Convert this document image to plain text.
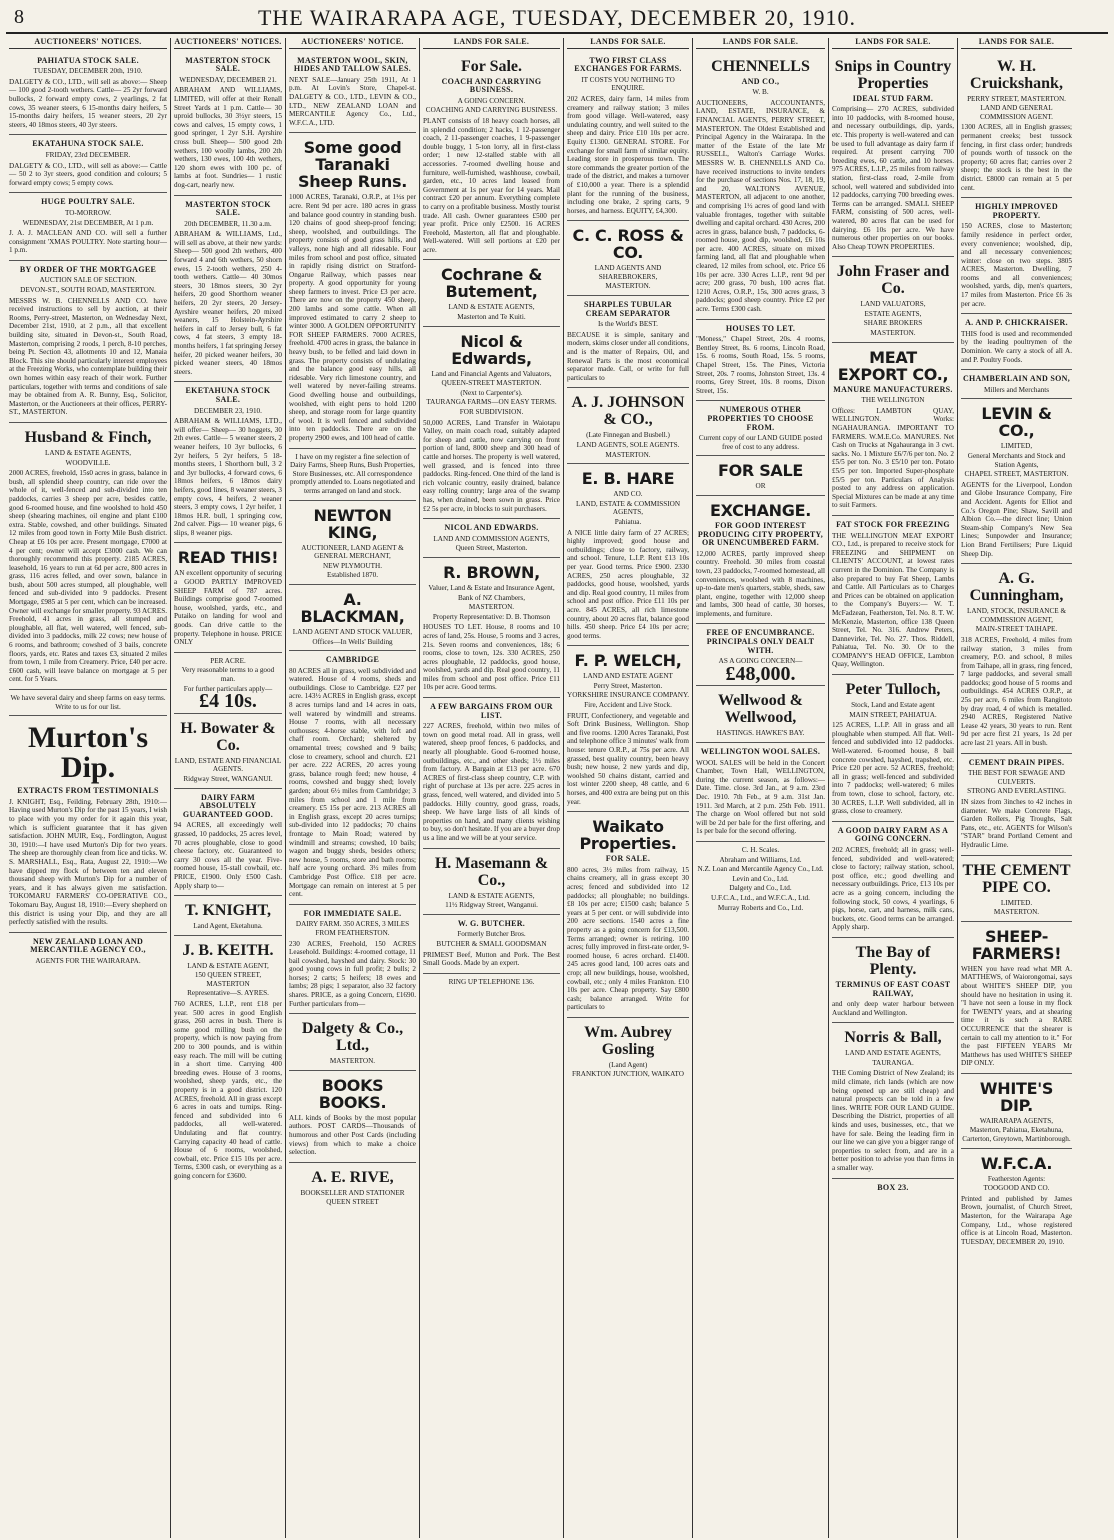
8	THE WAIRARAPA AGE, TUESDAY, DECEMBER 20, 1910.
AUCTIONEERS' NOTICES.
PAHIATUA STOCK SALE.
TUESDAY, DECEMBER 20th, 1910.
DALGETY & CO., LTD., will sell as above:— Sheep— 100 good 2-tooth wethers. Cattle— 25 2yr forward bullocks, 2 forward empty cows, 2 yearlings, 2 fat cows, 35 weaner steers, 6 15-months dairy heifers, 5 15-months dairy heifers, 15 weaner steers, 20 2yr steers, 40 18mos steers, 40 3yr steers.
EKATAHUNA STOCK SALE.
FRIDAY, 23rd DECEMBER.
DALGETY & CO., LTD., will sell as above:— Cattle— 50 2 to 3yr steers, good condition and colours; 5 forward empty cows; 5 empty cows.
HUGE POULTRY SALE.
TO-MORROW.
WEDNESDAY, 21st DECEMBER, At 1 p.m.
J. A. J. MACLEAN AND CO. will sell a further consignment 'XMAS POULTRY. Note starting hour—1 p.m.
BY ORDER OF THE MORTGAGEE
AUCTION SALE OF SECTION.
DEVON-ST., SOUTH ROAD, MASTERTON.
MESSRS W. B. CHENNELLS AND CO. have received instructions to sell by auction, at their Rooms, Perry-street, Masterton, on Wednesday Next, December 21st, 1910, at 2 p.m., all that excellent building site, situated in Devon-st., South Road, Masterton, comprising 2 roods, 1 perch, 8-10 perches, being Pt. Section 43, allotments 10 and 12, Manaia Block. This site should particularly interest employees at the Freezing Works, who contemplate building their own homes within easy reach of their work. Further particulars, together with terms and conditions of sale may be obtained from A. R. Bunny, Esq., Solicitor, Masterton, or the Auctioneers at their offices, PERRY-ST., MASTERTON.
Husband & Finch,
LAND & ESTATE AGENTS,
WOODVILLE.
2000 ACRES, freehold, 15s0 acres in grass, balance in bush, all splendid sheep country, can ride over the whole of it, well-fenced and sub-divided into ten paddocks, carries 3 sheep per acre, besides cattle, good 6-roomed house, and fine woolshed to hold 450 sheep (shearing machines, oil engine and plant £100 extra. Stable, cowshed, and other buildings. Situated 12 miles from good town in Forty Mile Bush district. Cheap at £6 10s per acre. Present mortgage, £7000 at 4 per cent; owner will accept £3000 cash. We can thoroughly recommend this property. 2185 ACRES, leasehold, 16 years to run at 6d per acre, 800 acres in grass, 116 acres felled, and over sown, balance in bush, about 500 acres stumped, all ploughable, well fenced and sub-divided into 9 paddocks. Present Mortgage, £985 at 5 per cent, which can be increased. Owner will exchange for smaller property. 93 ACRES. Freehold, 41 acres in grass, all stumped and ploughable, all flat, well watered, well fenced, sub-divided into 3 paddocks, milk 22 cows; new house of 6 rooms, and bathroom; cowshed of 3 bails, concrete floors, yards, etc. Rates and taxes £3, situated 2 miles from town, 1 mile from Creamery. Price, £40 per acre. £600 cash, will leave balance on mortgage at 5 per cent. for 5 Years.
We have several dairy and sheep farms on easy terms. Write to us for our list.
Murton's Dip.
EXTRACTS FROM TESTIMONIALS
J. KNIGHT, Esq., Feilding, February 28th, 1910:—Having used Murton's Dip for the past 15 years, I wish to place with you my order for it again this year, which is sufficient guarantee that it has given satisfaction. JOHN MUIR, Esq., Fordlington, August 30, 1910:—I have used Murton's Dip for two years. The sheep are thoroughly clean from lice and ticks. W. S. MARSHALL, Esq., Rata, August 22, 1910:—We have dipped my flock of between ten and eleven thousand sheep with Murton's Dip for a number of years, and it has always given me satisfaction. TOKOMARU FARMERS' CO-OPERATIVE CO., Tokomaru Bay, August 18, 1910:—Every shepherd on this district is using your Dip, and they are all perfectly satisfied with the results.
NEW ZEALAND LOAN AND MERCANTILE AGENCY CO.,
AGENTS FOR THE WAIRARAPA.
AUCTIONEERS' NOTICES.
MASTERTON STOCK SALE.
WEDNESDAY, DECEMBER 21.
ABRAHAM AND WILLIAMS, LIMITED, will offer at their Renall Street Yards at 1 p.m. Cattle— 30 uproid bullocks, 30 3½yr steers, 15 cows and calves, 15 empty cows, 1 good springer, 1 2yr S.H. Ayrshire cross bull. Sheep— 500 good 2th wethers, 100 woolly lambs, 200 2th wethers, 130 ewes, 100 4th wethers, 120 shorn ewes with 100 pc. of lambs at foot. Sundries— 1 rustic dog-cart, nearly new.
MASTERTON STOCK SALE.
20th DECEMBER, 11.30 a.m.
ABRAHAM & WILLIAMS, Ltd., will sell as above, at their new yards: Sheep— 500 good 2th wethers, 400 forward 4 and 6th wethers, 50 shorn ewes, 15 2-tooth wethers, 250 4-tooth wethers. Cattle— 40 30mos steers, 30 18mos steers, 30 2yr heifers, 20 good Shorthorn weaner heifers, 20 2yr steers, 20 Jersey-Ayrshire weaner heifers, 20 mixed weaners, 15 Holstein-Ayrshire heifers in calf to Jersey bull, 6 fat cows, 4 fat steers, 3 empty 18-months heifers, 1 fat springing Jersey heifer, 20 picked weaner heifers, 30 picked weaner steers, 40 18mos steers.
EKETAHUNA STOCK SALE.
DECEMBER 23, 1910.
ABRAHAM & WILLIAMS, LTD., will offer— Sheep— 30 hoggets, 30 2th ewes. Cattle— 5 weaner steers, 2 weaner heifers, 10 3yr bullocks, 6 2yr heifers, 5 2yr heifers, 5 18-months steers, 1 Shorthorn bull, 3 2 and 3yr bullocks, 4 forward cows, 6 18mos heifers, 6 18mos dairy heifers, good lines, 8 weaner steers, 3 empty cows, 4 heifers, 2 weaner steers, 3 empty cows, 1 2yr heifer, 1 18mos H.R. bull, 1 springing cow, 2nd calver. Pigs— 10 weaner pigs, 6 slips, 8 weaner pigs.
READ THIS!
AN excellent opportunity of securing a GOOD PARTLY IMPROVED SHEEP FARM of 787 acres. Buildings comprise good 7-roomed house, woolshed, yards, etc., and Putaiko on landing for wool and goods. Can drive cattle to the property. Telephone in house. PRICE ONLY
PER ACRE.
Very reasonable terms to a good man.
For further particulars apply—
£4 10s.
H. Bowater & Co.
LAND, ESTATE AND FINANCIAL AGENTS.
Ridgway Street, WANGANUI.
DAIRY FARM ABSOLUTELY GUARANTEED GOOD.
94 ACRES, all exceedingly well grassed, 10 paddocks, 25 acres level, 70 acres ploughable, close to good cheese factory, etc. Guaranteed to carry 30 cows all the year. Five-roomed house, 15-stall cowbail, etc. PRICE, £1900. Only £500 Cash. Apply sharp to—
T. KNIGHT,
Land Agent, Eketahuna.
J. B. KEITH.
LAND & ESTATE AGENT,
150 QUEEN STREET, MASTERTON
Representative—S. AYRES.
760 ACRES, L.I.P., rent £18 per year. 500 acres in good English grass, 260 acres in bush. There is some good milling bush on the property, which is now paying from 200 to 300 pounds, and is within easy reach. The mill will be cutting in a short time. Carrying 400 breeding ewes. House of 3 rooms, woolshed, sheep yards, etc., the property is in a good district. 120 ACRES, freehold. All in grass except 6 acres in oats and turnips. Ring-fenced and subdivided into 6 paddocks, all well-watered. Undulating and flat country. Carrying capacity 40 head of cattle. House of 6 rooms, woolshed, cowbail, etc. Price £15 10s per acre. Terms, £300 cash, or everything as a going concern for £3600.
AUCTIONEERS' NOTICE.
MASTERTON WOOL, SKIN, HIDES AND TALLOW SALES.
NEXT SALE—January 25th 1911, At 1 p.m. At Lovin's Store, Chapel-st. DALGETY & CO., LTD., LEVIN & CO., LTD., NEW ZEALAND LOAN and MERCANTILE Agency Co., Ltd., W.F.C.A., LTD.
Some good Taranaki Sheep Runs.
1000 ACRES, Taranaki, O.R.P., at 1½s per acre. Rent 9d per acre. 180 acres in grass and balance good country in standing bush. 120 chains of good sheep-proof fencing; sheep, woolshed, and outbuildings. The property consists of good grass hills, and valleys, none high and all ridesable. Four miles from school and post office, situated in rapidly rising district on Stratford-Ongarue Railway, which passes near property. A good opportunity for young sheep farmers to invest. Price £3 per acre. There are now on the property 450 sheep, 200 lambs and some cattle. When all improved estimated to carry 2 sheep to winter 3000. A GOLDEN OPPORTUNITY FOR SHEEP FARMERS. 7000 ACRES, freehold. 4700 acres in grass, the balance in heavy bush, to be felled and laid down in grass. The property consists of undulating and the balance good easy hills, all ridesable. Very rich limestone country, and well watered by never-failing streams. Good dwelling house and outbuildings, woolshed, with eight pens to hold 1200 sheep, and storage room for large quantity of wool. It is well fenced and subdivided into ten paddocks. There are on the property 2900 ewes, and 100 head of cattle.
I have on my register a fine selection of Dairy Farms, Sheep Runs, Bush Properties, Store Businesses, etc. All correspondence promptly attended to. Loans negotiated and terms arranged on land and stock.
NEWTON KING,
AUCTIONEER, LAND AGENT & GENERAL MERCHANT,
NEW PLYMOUTH.
Established 1870.
A. BLACKMAN,
LAND AGENT AND STOCK VALUER,
Offices—In Wells' Building
CAMBRIDGE
80 ACRES all in grass, well subdivided and watered. House of 4 rooms, sheds and outbuildings. Close to Cambridge. £27 per acre. 143½ ACRES in English grass, except 8 acres turnips land and 14 acres in oats, well watered by windmill and streams. House 7 rooms, with all necessary outhouses; 4-horse stable, with loft and chaff room. Orchard; sheltered by ornamental trees; cowshed and 9 bails; close to creamery, school and church. £21 per acre. 222 ACRES, 20 acres young grass, balance rough feed; new house, 4 rooms, cowshed and buggy shed; lovely garden; about 6½ miles from Cambridge; 3 miles from school and 1 mile from creamery. £5 15s per acre. 213 ACRES all in English grass, except 20 acres turnips; sub-divided into 12 paddocks; 70 chains frontage to Main Road; watered by windmill and streams; cowshed, 10 bails; wagon and buggy sheds, besides others; new house, 5 rooms, store and bath rooms; half acre young orchard. 3½ miles from Cambridge Post Office. £18 per acre. Mortgage can remain on interest at 5 per cent.
FOR IMMEDIATE SALE.
DAIRY FARM. 350 ACRES, 3 MILES FROM FEATHERSTON.
230 ACRES, Freehold, 150 ACRES Leasehold. Buildings: 4-roomed cottage, 11 bail cowshed, hayshed and dairy. Stock: 30 good young cows in full profit; 2 bulls; 2 horses; 2 carts; 5 heifers; 18 ewes and lambs; 28 pigs; 1 separator, also 32 factory shares. PRICE, as a going Concern, £1690. Further particulars from—
Dalgety & Co., Ltd.,
MASTERTON.
BOOKS BOOKS.
ALL kinds of Books by the most popular authors. POST CARDS—Thousands of humorous and other Post Cards (including views) from which to make a choice selection.
A. E. RIVE,
BOOKSELLER AND STATIONER
QUEEN STREET
LANDS FOR SALE.
For Sale.
COACH AND CARRYING BUSINESS.
A GOING CONCERN.
COACHING AND CARRYING BUSINESS.
PLANT consists of 18 heavy coach horses, all in splendid condition; 2 hacks, 1 12-passenger coach, 2 11-passenger coaches, 1 9-passenger double buggy, 1 5-ton lorry, all in first-class order; 1 new 12-stalled stable with all accessories. 7-roomed dwelling house and furniture, well-furnished, washhouse, cowbail, garden, etc., 10 acres land leased from Government at 1s per year for 14 years. Mail contract £20 per annum. Everything complete to carry on a profitable business. Mostly tourist trade. All cash. Owner guarantees £500 per year profit. Price only £2500. 16 ACRES Freehold, Masterton, all flat and ploughable. Well-watered. Will sell portions at £20 per acre.
Cochrane & Butement,
LAND & ESTATE AGENTS,
Masterton and Te Kuiti.
Nicol & Edwards,
Land and Financial Agents and Valuators,
QUEEN-STREET MASTERTON.
(Next to Carpenter's).
TAURANGA FARMS—ON EASY TERMS.
FOR SUBDIVISION.
50,000 ACRES, Land Transfer in Waiotapu Valley, on main coach road, suitably adapted for sheep and cattle, now carrying on front portion of land, 8000 sheep and 300 head of cattle and horses. The property is well watered, well grassed, and is fenced into three paddocks. Ring-fenced. One third of the land is rich volcanic country, easily drained, balance easy rolling country; large area of the swamp has, when drained, been sown in grass. Price £2 5s per acre, in blocks to suit purchasers.
NICOL AND EDWARDS.
LAND AND COMMISSION AGENTS,
Queen Street, Masterton.
R. BROWN,
Valuer, Land & Estate and Insurance Agent,
Bank of NZ Chambers,
MASTERTON.
Property Representative: D. B. Thomson
HOUSES TO LET. House, 8 rooms and 10 acres of land, 25s. House, 5 rooms and 3 acres, 21s. Seven rooms and conveniences, 18s; 6 rooms, close to town, 12s. 330 ACRES, 250 acres ploughable, 12 paddocks, good house, woolshed, yards and dip. Real good country, 11 miles from school and post office. Price £11 10s per acre. Good terms.
A FEW BARGAINS FROM OUR LIST.
227 ACRES, freehold, within two miles of town on good metal road. All in grass, well watered, sheep proof fences, 6 paddocks, and nearly all ploughable. Good 6-roomed house, outbuildings, etc., and other sheds; 1½ miles from factory. A Bargain at £13 per acre. 670 ACRES of first-class sheep country, C.P. with right of purchase at 13s per acre. 225 acres in grass, fenced, well watered, and divided into 5 paddocks. Hilly country, good grass, roads, sheep. We have large lists of all kinds of properties on hand, and many clients wishing to buy, so don't hesitate. If you are a buyer drop us a line and we will be at your service.
H. Masemann & Co.,
LAND & ESTATE AGENTS,
11½ Ridgway Street, Wanganui.
W. G. BUTCHER.
Formerly Butcher Bros.
BUTCHER & SMALL GOODSMAN
PRIMEST Beef, Mutton and Pork. The Best Small Goods. Made by an expert.
RING UP TELEPHONE 136.
LANDS FOR SALE.
TWO FIRST CLASS EXCHANGES FOR FARMS.
IT COSTS YOU NOTHING TO ENQUIRE.
202 ACRES, dairy farm, 14 miles from creamery and railway station; 3 miles from good village. Well-watered, easy undulating country, and well suited to the sheep and dairy. Price £10 10s per acre. Equity £1300. GENERAL STORE. For exchange for small farm of similar equity. Leading store in prosperous town. The store commands the greater portion of the trade of the district, and makes a turnover of £10,000 a year. There is a splendid plant for the running of the business, including one brake, 2 spring carts, 9 horses, and harness. EQUITY, £4,300.
C. C. ROSS & CO.
LAND AGENTS AND SHAREBROKERS,
MASTERTON.
SHARPLES TUBULAR CREAM SEPARATOR
Is the World's BEST.
BECAUSE it is simple, sanitary and modern, skims closer under all conditions, and is the matter of Repairs, Oil, and Renewal Parts is the most economical separator made. Call, or write for full particulars to
A. J. JOHNSON & CO.,
(Late Finnegan and Busbell.)
LAND AGENTS, SOLE AGENTS.
MASTERTON.
E. B. HARE
AND CO.
LAND, ESTATE & COMMISSION AGENTS,
Pahiatua.
A NICE little dairy farm of 27 ACRES; highly improved; good house and outbuildings; close to factory, railway, and school. Tenure, L.I.P. Rent £13 10s per year. Good terms. Price £900. 2330 ACRES, 250 acres ploughable, 32 paddocks, good house, woolshed, yards and dip. Real good country, 11 miles from school and post office. Price £11 10s per acre. 845 ACRES, all rich limestone country, about 20 acres flat, balance good hills. 450 sheep. Price £4 10s per acre; good terms.
F. P. WELCH,
LAND AND ESTATE AGENT
Perry Street, Masterton.
YORKSHIRE INSURANCE COMPANY.
Fire, Accident and Live Stock.
FRUIT, Confectionery, and vegetable and Soft Drink Business, Wellington. Shop and five rooms. 1200 Acres Taranaki, Post and telephone office 3 minutes' walk from house: tenure O.R.P., at 75s per acre. All grassed, best quality country, been heavy bush; new house, 2 new yards and dip, woolshed 50 chains distant, carried and lost winter 2200 sheep, 48 cattle, and 6 horses, and 400 extra are being put on this year.
Waikato Properties.
FOR SALE.
800 acres, 3½ miles from railway, 15 chains creamery, all in grass except 30 acres; fenced and subdivided into 12 paddocks; all ploughable; no buildings. £8 10s per acre; £1500 cash; balance 5 years at 5 per cent. or will subdivide into 200 acre sections. 1540 acres a fine property as a going concern for £13,500. Terms arranged; owner is retiring. 100 acres; fully improved in first-rate order, 9-roomed house, 6 acres orchard. £1400. 245 acres good land, 100 acres oats and crop; all new buildings, house, woolshed, cowbail, etc.; only 4 miles Frankton. £10 10s per acre. Cheap property. Say £800 cash; balance arranged. Write for particulars to
Wm. Aubrey Gosling
(Land Agent)
FRANKTON JUNCTION, WAIKATO
LANDS FOR SALE.
CHENNELLS
AND CO.,
W. B.
AUCTIONEERS, ACCOUNTANTS, LAND, ESTATE, INSURANCE, & FINANCIAL AGENTS, PERRY STREET, MASTERTON. The Oldest Established and Principal Agency in the Wairarapa. In the matter of the Estate of the late Mr RUSSELL, Walton's Carriage Works. MESSRS W. B. CHENNELLS AND Co. have received instructions to invite tenders for the purchase of sections Nos. 17, 18, 19, and 20, WALTON'S AVENUE, MASTERTON, all adjacent to one another, and comprising 1½ acres of good land with valuable frontages, together with suitable dwelling and capital orchard. 430 Acres, 200 acres in grass, balance bush, 7 paddocks, 6-roomed house, good dip, woolshed, £6 10s per acre. 400 ACRES, situate on mixed farming land, all flat and ploughable when cleared, 12 miles from school, etc. Price £6 10s per acre. 330 Acres L.I.P., rent 9d per acre; 200 grass, 70 bush, 100 acres flat. 1210 Acres, O.R.P., 15s, 300 acres grass, 3 paddocks; good sheep country. Price £2 per acre. Terms £300 cash.
HOUSES TO LET.
"Moness," Chapel Street, 20s. 4 rooms, Bentley Street, 8s. 6 rooms, Lincoln Road, 15s. 6 rooms, South Road, 15s. 5 rooms, Chapel Street, 15s. The Pines, Victoria Street, 20s. 7 rooms, Johnston Street, 13s. 4 rooms, Grey Street, 10s. 8 rooms, Dixon Street, 15s.
NUMEROUS OTHER PROPERTIES TO CHOOSE FROM.
Current copy of our LAND GUIDE posted free of cost to any address.
FOR SALE
OR
EXCHANGE.
FOR GOOD INTEREST PRODUCING CITY PROPERTY, OR UNENCUMBERED FARM.
12,000 ACRES, partly improved sheep country. Freehold. 30 miles from coastal town, 23 paddocks, 7-roomed homestead, all conveniences, woolshed with 8 machines, up-to-date men's quarters, stable, sheds, saw plant, engine, together with 12,000 sheep and lambs, 300 head of cattle, 30 horses, implements, and furniture.
FREE OF ENCUMBRANCE. PRINCIPALS ONLY DEALT WITH.
AS A GOING CONCERN—
£48,000.
Wellwood & Wellwood,
HASTINGS. HAWKE'S BAY.
WELLINGTON WOOL SALES.
WOOL SALES will be held in the Concert Chamber, Town Hall, WELLINGTON, during the current season, as follows:— Date. Time. close. 3rd Jan., at 9 a.m. 23rd Dec. 1910. 7th Feb., at 9 a.m. 31st Jan. 1911. 3rd March, at 2 p.m. 25th Feb. 1911. The charge on Wool offered but not sold will be 2d per bale for the first offering, and 1s per bale for the second offering.
C. H. Scales.
Abraham and Williams, Ltd.
N.Z. Loan and Mercantile Agency Co., Ltd.
Levin and Co., Ltd.
Dalgety and Co., Ltd.
U.F.C.A., Ltd., and W.F.C.A., Ltd.
Murray Roberts and Co., Ltd.
LANDS FOR SALE.
Snips in Country Properties
IDEAL STUD FARM.
Comprising— 270 ACRES, subdivided into 10 paddocks, with 8-roomed house, and necessary outbuildings, dip, yards, etc. This property is well-watered and can be used to full advantage as dairy farm if required. At present carrying 700 breeding ewes, 60 cattle, and 10 horses. 975 ACRES, L.I.P., 25 miles from railway station, first-class road, 2-mile from school, well watered and subdivided into 12 paddocks, carrying 700 breeding ewes. Terms can be arranged. SMALL SHEEP FARM, consisting of 500 acres, well-watered, 80 acres flat can be used for dairying. £6 10s per acre. We have numerous other properties on our books. Also Cheap TOWN PROPERTIES.
John Fraser and Co.
LAND VALUATORS,
ESTATE AGENTS,
SHARE BROKERS
MASTERTON.
MEAT EXPORT CO.,
MANURE MANUFACTURERS.
THE WELLINGTON
Offices: LAMBTON QUAY, WELLINGTON. Works: NGAHAURANGA. IMPORTANT TO FARMERS. W.M.E.Co. MANURES. Net Cash on Trucks at Ngahauranga in 3 cwt. sacks. No. 1 Mixture £6/7/6 per ton. No. 2 £5/5 per ton. No. 3 £5/10 per ton. Potato £5/5 per ton. Imported Super-phosphate £5/5 per ton. Particulars of Analysis posted to any address on application. Special Mixtures can be made at any time to suit Farmers.
FAT STOCK FOR FREEZING
THE WELLINGTON MEAT EXPORT CO., Ltd., is prepared to receive stock for FREEZING and SHIPMENT on CLIENTS' ACCOUNT, at lowest rates current in the Dominion. The Company is also prepared to buy Fat Sheep, Lambs and Cattle. All Particulars as to Charges and Prices can be obtained on application to the Company's Buyers:— W. T. McFadzean, Featherston, Tel. No. 8. T. W. McKenzie, Masterton, office 138 Queen Street, Tel. No. 316. Andrew Peters, Dannevirke, Tel. No. 27. Thos. Riddell, Pahiatua, Tel. No. 30. Or to the COMPANY'S HEAD OFFICE, Lambton Quay, Wellington.
Peter Tulloch,
Stock, Land and Estate agent
MAIN STREET, PAHIATUA.
125 ACRES, L.I.P. All in grass and all ploughable when stumped. All flat. Well-fenced and subdivided into 12 paddocks. Well-watered. 6-roomed house, 8 bail concrete cowshed, hayshed, trapshed, etc. Price £20 per acre. 52 ACRES, freehold; all in grass; well-fenced and subdivided into 7 paddocks; well-watered; 6 miles from town, close to school, factory, etc. 30 ACRES, L.I.P. Well subdivided, all in grass, close to creamery.
A GOOD DAIRY FARM AS A GOING CONCERN.
202 ACRES, freehold; all in grass; well-fenced, subdivided and well-watered; close to factory; railway station, school, post office, etc.; good dwelling and necessary outbuildings. Price, £13 10s per acre as a going concern, including the following stock, 50 cows, 4 yearlings, 6 pigs, horse, cart, and harness, milk cans, buckets, etc. Good terms can be arranged. Apply sharp.
The Bay of Plenty.
TERMINUS OF EAST COAST RAILWAY,
and only deep water harbour between Auckland and Wellington.
Norris & Ball,
LAND AND ESTATE AGENTS,
TAURANGA.
THE Coming District of New Zealand; its mild climate, rich lands (which are now being opened up are still cheap) and natural prospects can be told in a few lines. WRITE FOR OUR LAND GUIDE. Describing the District, properties of all kinds and uses, businesses, etc., that we have for sale. Being the leading firm in our line we can give you a bigger range of properties to select from, and are in a better position to advise you than firms in a smaller way.
BOX 23.
LANDS FOR SALE.
W. H. Cruickshank,
PERRY STREET, MASTERTON.
LAND AND GENERAL COMMISSION AGENT.
1300 ACRES, all in English grasses; permanent creeks; best tussock fencing, in first class order; hundreds of pounds worth of tussock on the property; 60 acres flat; carries over 2 sheep; the stock is the best in the district. £8000 can remain at 5 per cent.
HIGHLY IMPROVED PROPERTY.
150 ACRES, close to Masterton; family residence in perfect order, every convenience; woolshed, dip, and all necessary conveniences; winter: close on two steps. 3805 ACRES, Masterton. Dwelling, 7 rooms and all conveniences; woolshed, yards, dip, men's quarters, 17 miles from Masterton. Price £6 3s per acre.
A. AND P. CHICKRAISER.
THIS food is used and recommended by the leading poultrymen of the Dominion. We carry a stock of all A. and P. Poultry Foods.
CHAMBERLAIN AND SON,
Millers and Merchants
LEVIN & CO.,
LIMITED,
General Merchants and Stock and Station Agents,
CHAPEL STREET, MASTERTON.
AGENTS for the Liverpool, London and Globe Insurance Company, Fire and Accident. Agents for Elliot and Co.'s Oregon Pine; Shaw, Savill and Albion Co.—the direct line; Union Steam-ship Company's New Sea Lines; Sunpowder and Insurance; Lion Brand Fertilisers; Pure Liquid Sheep Dip.
A. G. Cunningham,
LAND, STOCK, INSURANCE & COMMISSION AGENT,
MAIN-STREET TAIHAPE.
318 ACRES, Freehold, 4 miles from railway station, 3 miles from creamery, P.O. and school, 8 miles from Taihape, all in grass, ring fenced, 7 large paddocks, and several small paddocks; good house of 5 rooms and outbuildings. 454 ACRES O.R.P., at 25s per acre, 6 miles from Rangitoto by dray road, 4 of which is metalled. 2940 ACRES, Registered Native Lease 42 years, 30 years to run. Rent 9d per acre first 21 years, 1s 2d per acre last 21 years. All in bush.
CEMENT DRAIN PIPES.
THE BEST FOR SEWAGE AND CULVERTS.
STRONG AND EVERLASTING.
IN sizes from 3inches to 42 inches in diameter. We make Concrete Flags, Garden Rollers, Pig Troughs, Salt Pans, etc., etc. AGENTS for Wilson's "STAR" brand Portland Cement and Hydraulic Lime.
THE CEMENT PIPE CO.
LIMITED.
MASTERTON.
SHEEP-FARMERS!
WHEN you have read what MR A. MATTHEWS, of Waiorongomai, says about WHITE'S SHEEP DIP, you should have no hesitation in using it. "I have not seen a louse in my flock for TWENTY years, and at shearing time it is such a RARE OCCURRENCE that the shearer is certain to call my attention to it." For the past FIFTEEN YEARS Mr Matthews has used WHITE'S SHEEP DIP ONLY.
WHITE'S DIP.
WAIRARAPA AGENTS,
Masterton, Pahiatua, Eketahuna, Carterton, Greytown, Martinborough.
W.F.C.A.
Featherston Agents:
TOOGOOD AND CO.
Printed and published by James Brown, journalist, of Church Street, Masterton, for the Wairarapa Age Company, Ltd., whose registered office is at Lincoln Road, Masterton. TUESDAY, DECEMBER 20, 1910.
